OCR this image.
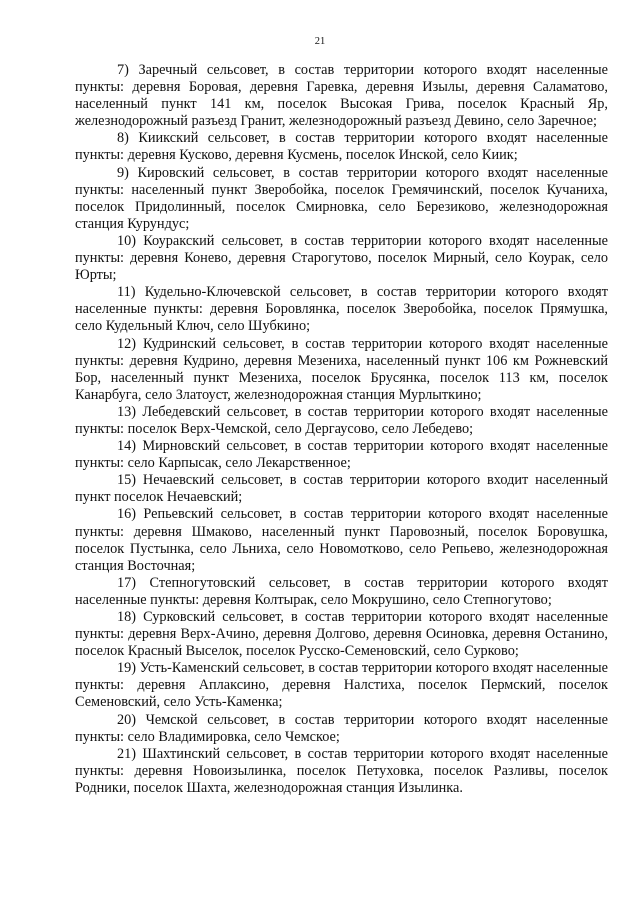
21

7) Заречный сельсовет, в состав территории которого входят населенные пункты: деревня Боровая, деревня Гаревка, деревня Изылы, деревня Саламатово, населенный пункт 141 км, поселок Высокая Грива, поселок Красный Яр, железнодорожный разъезд Гранит, железнодорожный разъезд Девино, село Заречное;

8) Киикский сельсовет, в состав территории которого входят населенные пункты: деревня Кусково, деревня Кусмень, поселок Инской, село Киик;

9) Кировский сельсовет, в состав территории которого входят населенные пункты: населенный пункт Зверобойка, поселок Гремячинский, поселок Кучаниха, поселок Придолинный, поселок Смирновка, село Березиково, железнодорожная станция Курундус;

10) Коуракский сельсовет, в состав территории которого входят населенные пункты: деревня Конево, деревня Старогутово, поселок Мирный, село Коурак, село Юрты;

11) Кудельно-Ключевской сельсовет, в состав территории которого входят населенные пункты: деревня Боровлянка, поселок Зверобойка, поселок Прямушка, село Кудельный Ключ, село Шубкино;

12) Кудринский сельсовет, в состав территории которого входят населенные пункты: деревня Кудрино, деревня Мезениха, населенный пункт 106 км Рожневский Бор, населенный пункт Мезениха, поселок Брусянка, поселок 113 км, поселок Канарбуга, село Златоуст, железнодорожная станция Мурлыткино;

13) Лебедевский сельсовет, в состав территории которого входят населенные пункты: поселок Верх-Чемской, село Дергаусово, село Лебедево;

14) Мирновский сельсовет, в состав территории которого входят населенные пункты: село Карпысак, село Лекарственное;

15) Нечаевский сельсовет, в состав территории которого входит населенный пункт поселок Нечаевский;

16) Репьевский сельсовет, в состав территории которого входят населенные пункты: деревня Шмаково, населенный пункт Паровозный, поселок Боровушка, поселок Пустынка, село Льниха, село Новомотково, село Репьево, железнодорожная станция Восточная;

17) Степногутовский сельсовет, в состав территории которого входят населенные пункты: деревня Колтырак, село Мокрушино, село Степногутово;

18) Сурковский сельсовет, в состав территории которого входят населенные пункты: деревня Верх-Ачино, деревня Долгово, деревня Осиновка, деревня Останино, поселок Красный Выселок, поселок Русско-Семеновский, село Сурково;

19) Усть-Каменский сельсовет, в состав территории которого входят населенные пункты: деревня Аплаксино, деревня Налстиха, поселок Пермский, поселок Семеновский, село Усть-Каменка;

20) Чемской сельсовет, в состав территории которого входят населенные пункты: село Владимировка, село Чемское;

21) Шахтинский сельсовет, в состав территории которого входят населенные пункты: деревня Новоизылинка, поселок Петуховка, поселок Разливы, поселок Родники, поселок Шахта, железнодорожная станция Изылинка.
